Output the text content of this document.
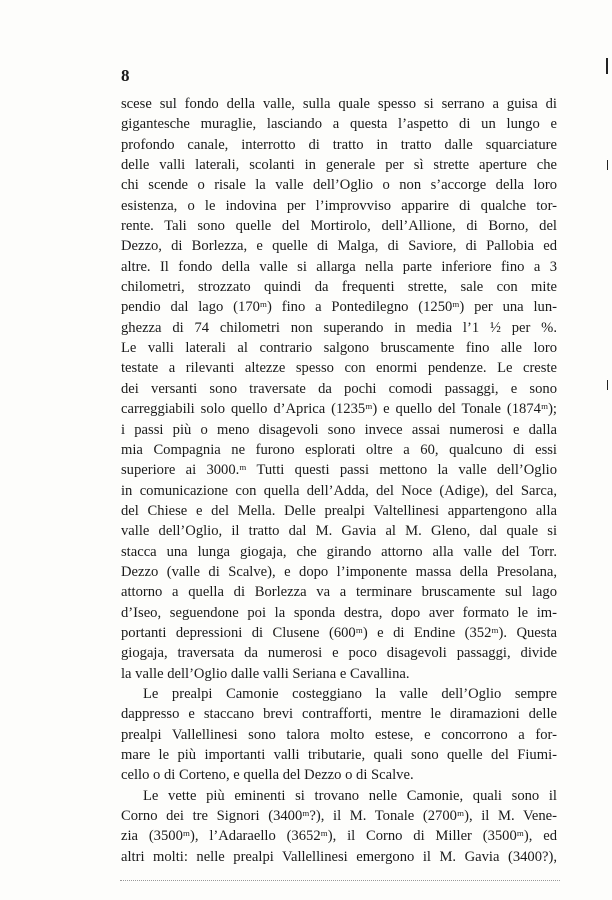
8
scese sul fondo della valle, sulla quale spesso si serrano a guisa di
gigantesche muraglie, lasciando a questa l’aspetto di un lungo e
profondo canale, interrotto di tratto in tratto dalle squarciature
delle valli laterali, scolanti in generale per sì strette aperture che
chi scende o risale la valle dell’Oglio o non s’accorge della loro
esistenza, o le indovina per l’improvviso apparire di qualche tor-
rente. Tali sono quelle del Mortirolo, dell’Allione, di Borno, del
Dezzo, di Borlezza, e quelle di Malga, di Saviore, di Pallobia ed
altre. Il fondo della valle si allarga nella parte inferiore fino a 3
chilometri, strozzato quindi da frequenti strette, sale con mite
pendio dal lago (170ᵐ) fino a Pontedilegno (1250ᵐ) per una lun-
ghezza di 74 chilometri non superando in media l’1 ½ per %.
Le valli laterali al contrario salgono bruscamente fino alle loro
testate a rilevanti altezze spesso con enormi pendenze. Le creste
dei versanti sono traversate da pochi comodi passaggi, e sono
carreggiabili solo quello d’Aprica (1235ᵐ) e quello del Tonale (1874ᵐ);
i passi più o meno disagevoli sono invece assai numerosi e dalla
mia Compagnia ne furono esplorati oltre a 60, qualcuno di essi
superiore ai 3000.ᵐ Tutti questi passi mettono la valle dell’Oglio
in comunicazione con quella dell’Adda, del Noce (Adige), del Sarca,
del Chiese e del Mella. Delle prealpi Valtellinesi appartengono alla
valle dell’Oglio, il tratto dal M. Gavia al M. Gleno, dal quale si
stacca una lunga giogaja, che girando attorno alla valle del Torr.
Dezzo (valle di Scalve), e dopo l’imponente massa della Presolana,
attorno a quella di Borlezza va a terminare bruscamente sul lago
d’Iseo, seguendone poi la sponda destra, dopo aver formato le im-
portanti depressioni di Clusene (600ᵐ) e di Endine (352ᵐ). Questa
giogaja, traversata da numerosi e poco disagevoli passaggi, divide
la valle dell’Oglio dalle valli Seriana e Cavallina.
Le prealpi Camonie costeggiano la valle dell’Oglio sempre
dappresso e staccano brevi contrafforti, mentre le diramazioni delle
prealpi Vallellinesi sono talora molto estese, e concorrono a for-
mare le più importanti valli tributarie, quali sono quelle del Fiumi-
cello o di Corteno, e quella del Dezzo o di Scalve.
Le vette più eminenti si trovano nelle Camonie, quali sono il
Corno dei tre Signori (3400ᵐ?), il M. Tonale (2700ᵐ), il M. Vene-
zia (3500ᵐ), l’Adaraello (3652ᵐ), il Corno di Miller (3500ᵐ), ed
altri molti: nelle prealpi Vallellinesi emergono il M. Gavia (3400?),
